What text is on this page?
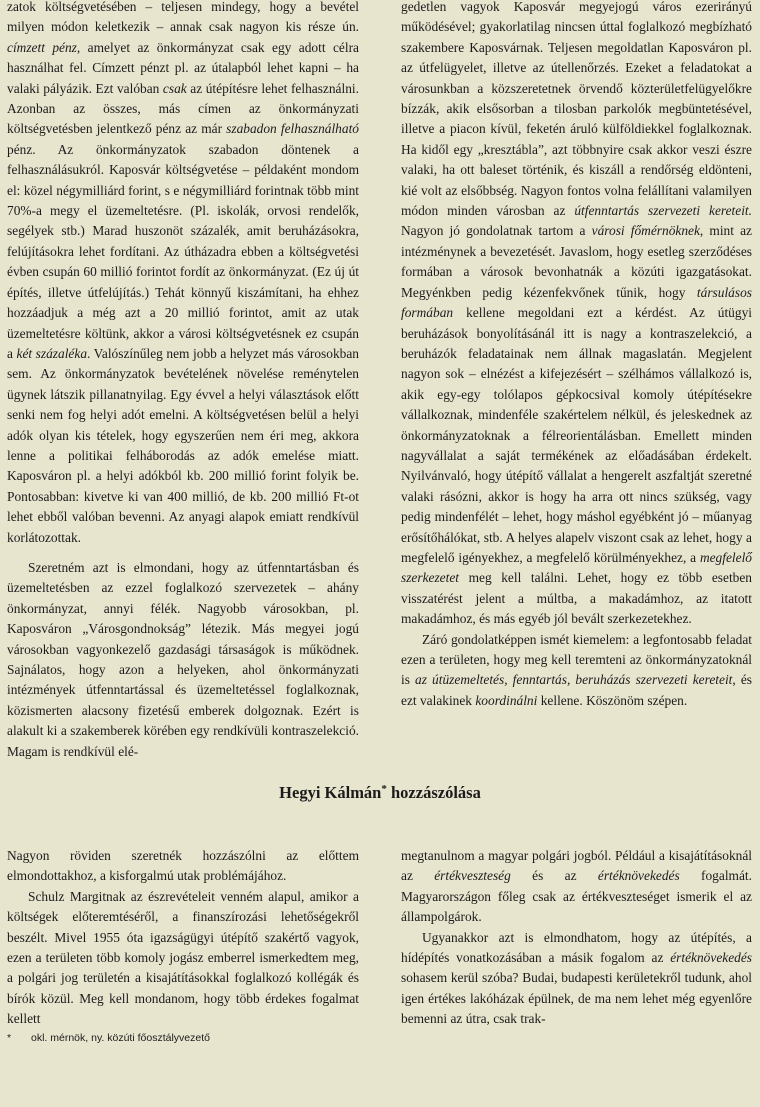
zatok költségvetésében – teljesen mindegy, hogy a bevétel milyen módon keletkezik – annak csak nagyon kis része ún. címzett pénz, amelyet az önkormányzat csak egy adott célra használhat fel. Címzett pénzt pl. az útalapból lehet kapni – ha valaki pályázik. Ezt valóban csak az útépítésre lehet felhasználni. Azonban az összes, más címen az önkormányzati költségvetésben jelentkező pénz az már szabadon felhasználható pénz. Az önkormányzatok szabadon döntenek a felhasználásukról. Kaposvár költségvetése – példaként mondom el: közel négymilliárd forint, s e négymilliárd forintnak több mint 70%-a megy el üzemeltetésre. (Pl. iskolák, orvosi rendelők, segélyek stb.) Marad huszonöt százalék, amit beruházásokra, felújításokra lehet fordítani. Az útházadra ebben a költségvetési évben csupán 60 millió forintot fordít az önkormányzat. (Ez új út építés, illetve útfelújítás.) Tehát könnyű kiszámítani, ha ehhez hozzáadjuk a még azt a 20 millió forintot, amit az utak üzemeltetésre költünk, akkor a városi költségvetésnek ez csupán a két százaléka. Valószínűleg nem jobb a helyzet más városokban sem. Az önkormányzatok bevételének növelése reménytelen ügynek látszik pillanatnyilag. Egy évvel a helyi választások előtt senki nem fog helyi adót emelni. A költségvetésen belül a helyi adók olyan kis tételek, hogy egyszerűen nem éri meg, akkora lenne a politikai felháborodás az adók emelése miatt. Kaposváron pl. a helyi adókból kb. 200 millió forint folyik be. Pontosabban: kivetve ki van 400 millió, de kb. 200 millió Ft-ot lehet ebből valóban bevenni. Az anyagi alapok emiatt rendkívül korlátozottak.

Szeretném azt is elmondani, hogy az útfenntartásban és üzemeltetésben az ezzel foglalkozó szervezetek – ahány önkormányzat, annyi félék. Nagyobb városokban, pl. Kaposváron „Városgondnokság” létezik. Más megyei jogú városokban vagyonkezelő gazdasági társaságok is működnek. Sajnálatos, hogy azon a helyeken, ahol önkormányzati intézmények útfenntartással és üzemeltetéssel foglalkoznak, közismerten alacsony fizetésű emberek dolgoznak. Ezért is alakult ki a szakemberek körében egy rendkívüli kontraszelekció. Magam is rendkívül elé-

gedetlen vagyok Kaposvár megyejogú város ezerirányú működésével; gyakorlatilag nincsen úttal foglalkozó megbízható szakembere Kaposvárnak. Teljesen megoldatlan Kaposváron pl. az útfelügyelet, illetve az útellenőrzés. Ezeket a feladatokat a városunkban a közszeretetnek örvendő közterületfelügyelőkre bízzák, akik elsősorban a tilosban parkolók megbüntetésével, illetve a piacon kívül, feketén áruló külföldiekkel foglalkoznak. Ha kidől egy „kresztábla”, azt többnyire csak akkor veszi észre valaki, ha ott baleset történik, és kiszáll a rendőrség eldönteni, kié volt az elsőbbség. Nagyon fontos volna felállítani valamilyen módon minden városban az útfenntartás szervezeti kereteit. Nagyon jó gondolatnak tartom a városi főmérnöknek, mint az intézménynek a bevezetését. Javaslom, hogy esetleg szerződéses formában a városok bevonhatnák a közúti igazgatásokat. Megyénkben pedig kézenfekvőnek tűnik, hogy társulásos formában kellene megoldani ezt a kérdést. Az útügyi beruházások bonyolításánál itt is nagy a kontraszelekció, a beruházók feladatainak nem állnak magaslatán. Megjelent nagyon sok – elnézést a kifejezésért – szélhámos vállalkozó is, akik egy-egy tolólapos gépkocsival komoly útépítésekre vállalkoznak, mindenféle szakértelem nélkül, és jeleskednek az önkormányzatoknak a félreorientálásban. Emellett minden nagyvállalat a saját termékének az előadásában érdekelt. Nyilvánvaló, hogy útépítő vállalat a hengerelt aszfaltját szeretné valaki rásózni, akkor is hogy ha arra ott nincs szükség, vagy pedig mindenfélét – lehet, hogy máshol egyébként jó – műanyag erősítőhálókat, stb. A helyes alapelv viszont csak az lehet, hogy a megfelelő igényekhez, a megfelelő körülményekhez, a megfelelő szerkezetet meg kell találni. Lehet, hogy ez több esetben visszatérést jelent a múltba, a makadámhoz, az itatott makadámhoz, és más egyéb jól bevált szerkezetekhez.

Záró gondolatképpen ismét kiemelem: a legfontosabb feladat ezen a területen, hogy meg kell teremteni az önkormányzatoknál is az útüzemeltetés, fenntartás, beruházás szervezeti kereteit, és ezt valakinek koordinálni kellene. Köszönöm szépen.

Hegyi Kálmán* hozzászólása

Nagyon röviden szeretnék hozzászólni az előttem elmondottakhoz, a kisforgalmú utak problémájához.

Schulz Margitnak az észrevételeit venném alapul, amikor a költségek előteremtéséről, a finanszírozási lehetőségekről beszélt. Mivel 1955 óta igazságügyi útépítő szakértő vagyok, ezen a területen több komoly jogász emberrel ismerkedtem meg, a polgári jog területén a kisajátításokkal foglalkozó kollégák és bírók közül. Meg kell mondanom, hogy több érdekes fogalmat kellett

megtanulnom a magyar polgári jogból. Például a kisajátításoknál az értékveszteség és az értéknövekedés fogalmát. Magyarországon főleg csak az értékveszteséget ismerik el az állampolgárok.

Ugyanakkor azt is elmondhatom, hogy az útépítés, a hídépítés vonatkozásában a másik fogalom az értéknövekedés sohasem kerül szóba? Budai, budapesti kerületekről tudunk, ahol igen értékes lakóházak épülnek, de ma nem lehet még egyenlőre bemenni az útra, csak trak-

* okl. mérnök, ny. közúti főosztályvezető
